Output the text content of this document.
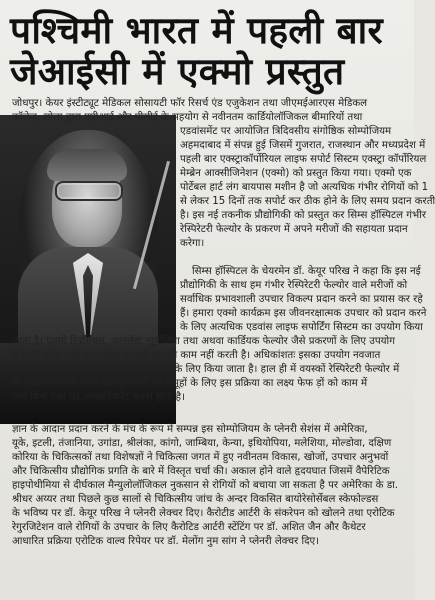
पश्चिमी भारत में पहली बार
जेआईसी में एक्मो प्रस्तुत
जोधपुर। केयर इंस्टीट्यूट मेडिकल सोसायटी फॉर रिसर्च एंड एजुकेशन तथा जीएमईआरएस मेडिकल
कॉलेज, सोला द्वारा एपीआई और पीसीई के सहयोग से नवीनतम कार्डियोलॉजिकल बीमारियों तथा
एडवांसमेंट पर आयोजित त्रिदिवसीय संगोष्ठिक सोम्पोजियम
अहमदाबाद में संपन्न हुई जिसमें गुजरात, राजस्थान और मध्यप्रदेश में
पहली बार एक्स्ट्राकॉर्पोरियल लाइफ सपोर्ट सिस्टम एक्स्ट्रा कॉर्पोरियल
मेम्ब्रेन आक्सीजिनेशन (एक्मो) को प्रस्तुत किया गया। एक्मो एक
पोर्टेबल हार्ट लंग बायपास मशीन है जो अत्यधिक गंभीर रोगियों को 1
से लेकर 15 दिनों तक सपोर्ट कर ठीक होने के लिए समय प्रदान करती
है। इस नई तकनीक प्रौद्योगिकी को प्रस्तुत कर सिम्स हॉस्पिटल गंभीर
रेस्पिरेटरी फेल्योर के प्रकरण में अपने मरीजों की सहायता प्रदान
करेगा।
सिम्स हॉस्पिटल के चेयरमेन डॉ. केयूर परिख ने कहा कि इस नई
प्रौद्योगिकी के साथ हम गंभीर रेस्पिरेटरी फेल्योर वाले मरीजों को
सर्वाधिक प्रभावशाली उपचार विकल्प प्रदान करने का प्रयास कर रहे
हैं। हमारा एक्मो कार्यक्रम इस जीवनरक्षात्मक उपचार को प्रदान करने
के लिए अत्यधिक एडवांस लाइफ सपोर्टिंग सिस्टम का उपयोग किया
जाता है। एक्मो रिवर्सिबल, जानलेवा न्यूमोनिया तथा अथवा कार्डियक फेल्योर जैसे प्रकरणों के लिए उपयोग
में लाया जाता जहां परम्परागत उपचार प्रणाली काम नहीं करती है। अधिकांशतः इसका उपयोग नवजात
रोगियों में गंभीर रेस्पिरेटरी फेल्योर के उपचार के लिए किया जाता है। हाल ही में वयस्कों रेस्पिरेटरी फेल्योर में
भी इसका उपयोग किया गया है। दोनों वर्ग समूहों के लिए इस प्रक्रिया का लक्ष्य फेफ ड़ों को काम में
लाए बिना रक्त को आक्सीजिनेट करना होता है।
ज्ञान के आदान प्रदान करने के मंच के रूप में सम्पन्न इस सोम्पोजियम के प्लेनरी सेशंस में अमेरिका,
यूके, इटली, तंजानिया, उगांडा, श्रीलंका, कांगो, जाम्बिया, केन्या, इथियोपिया, मलेशिया, मोल्डोवा, दक्षिण
कोरिया के चिकित्सकों तथा विशेषज्ञों ने चिकित्सा जगत में हुए नवीनतम विकास, खोजों, उपचार अनुभवों
और चिकित्सीय प्रौद्योगिक प्रगति के बारे में विस्तृत चर्चा की। अकाल होने वाले हृदयघात जिसमें वैपेरिटिक
हाइपोथीमिया से दीर्घकाल मैन्युलोलॉजिकल नुकसान से रोगियों को बचाया जा सकता है पर अमेरिका के डा.
श्रीधर अय्यर तथा पिछले कुछ सालों से चिकित्सीय जांच के अन्दर विकसित बायोरेसोर्सेबल स्केफोल्डस
के भविष्य पर डॉ. केयूर परिख ने प्लेनरी लेक्चर दिए। कैरोटीड आर्टरी के संकरेपन को खोलने तथा एरोटिक
रेगुरजिटेशन वाले रोगियों के उपचार के लिए कैरोटिड आर्टरी स्टेंटिंग पर डॉ. अशित जैन और कैथेटर
आधारित प्रक्रिया एरोटिक वाल्व रिपेयर पर डॉ. मेलोंग नुम सांग ने प्लेनरी लेक्चर दिए।
